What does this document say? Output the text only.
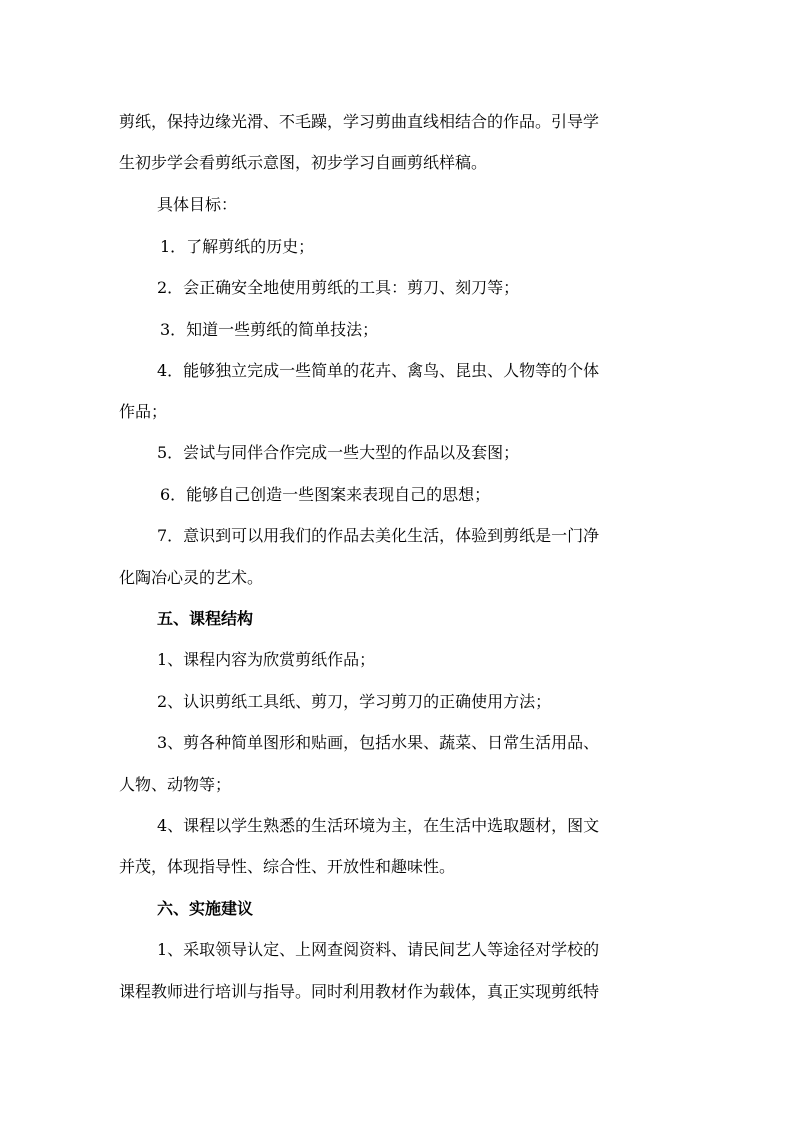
剪纸，保持边缘光滑、不毛躁，学习剪曲直线相结合的作品。引导学
生初步学会看剪纸示意图，初步学习自画剪纸样稿。
具体目标：
1．了解剪纸的历史；
2．会正确安全地使用剪纸的工具：剪刀、刻刀等；
3．知道一些剪纸的简单技法；
4．能够独立完成一些简单的花卉、禽鸟、昆虫、人物等的个体
作品；
5．尝试与同伴合作完成一些大型的作品以及套图；
6．能够自己创造一些图案来表现自己的思想；
7．意识到可以用我们的作品去美化生活，体验到剪纸是一门净
化陶冶心灵的艺术。
五、课程结构
1、课程内容为欣赏剪纸作品；
2、认识剪纸工具纸、剪刀，学习剪刀的正确使用方法；
3、剪各种简单图形和贴画，包括水果、蔬菜、日常生活用品、
人物、动物等；
4、课程以学生熟悉的生活环境为主，在生活中选取题材，图文
并茂，体现指导性、综合性、开放性和趣味性。
六、实施建议
1、采取领导认定、上网查阅资料、请民间艺人等途径对学校的
课程教师进行培训与指导。同时利用教材作为载体，真正实现剪纸特
